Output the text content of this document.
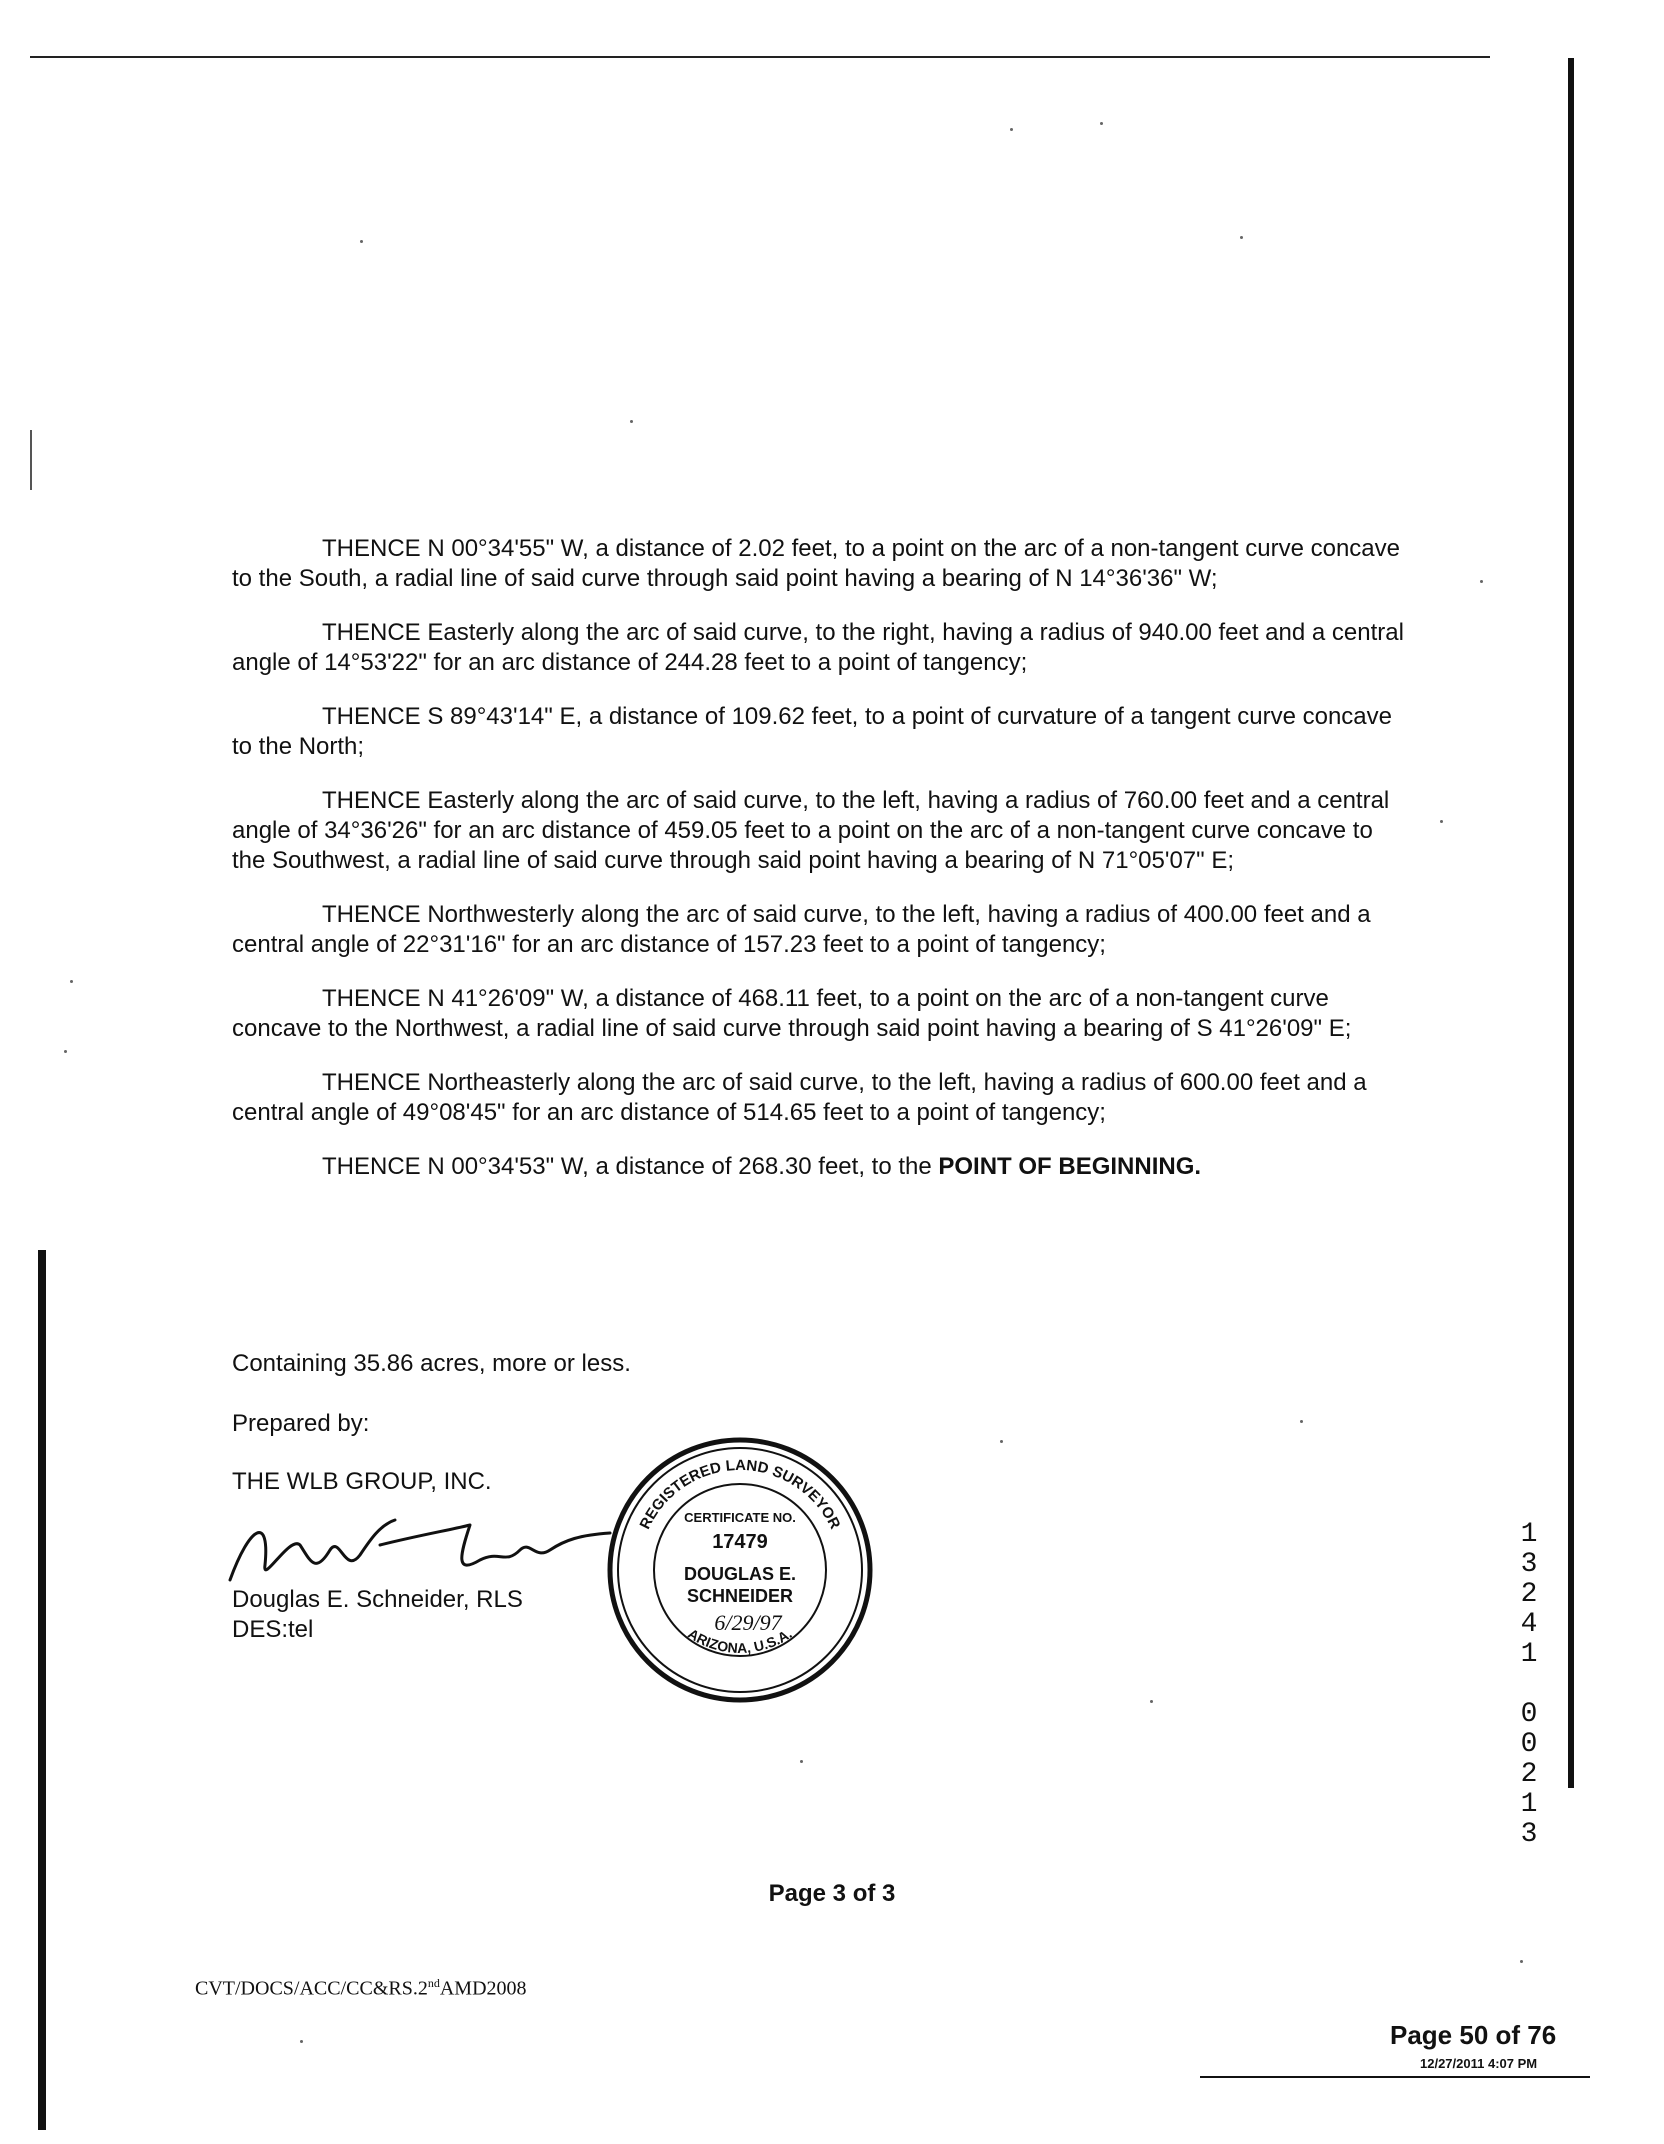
THENCE N 00°34'55" W, a distance of 2.02 feet, to a point on the arc of a non-tangent curve concave to the South, a radial line of said curve through said point having a bearing of N 14°36'36" W;

THENCE Easterly along the arc of said curve, to the right, having a radius of 940.00 feet and a central angle of 14°53'22" for an arc distance of 244.28 feet to a point of tangency;

THENCE S 89°43'14" E, a distance of 109.62 feet, to a point of curvature of a tangent curve concave to the North;

THENCE Easterly along the arc of said curve, to the left, having a radius of 760.00 feet and a central angle of 34°36'26" for an arc distance of 459.05 feet to a point on the arc of a non-tangent curve concave to the Southwest, a radial line of said curve through said point having a bearing of N 71°05'07" E;

THENCE Northwesterly along the arc of said curve, to the left, having a radius of 400.00 feet and a central angle of 22°31'16" for an arc distance of 157.23 feet to a point of tangency;

THENCE N 41°26'09" W, a distance of 468.11 feet, to a point on the arc of a non-tangent curve concave to the Northwest, a radial line of said curve through said point having a bearing of S 41°26'09" E;

THENCE Northeasterly along the arc of said curve, to the left, having a radius of 600.00 feet and a central angle of 49°08'45" for an arc distance of 514.65 feet to a point of tangency;

THENCE N 00°34'53" W, a distance of 268.30 feet, to the POINT OF BEGINNING.

Containing 35.86 acres, more or less.
Prepared by:
THE WLB GROUP, INC.
Douglas E. Schneider, RLS
DES:tel
REGISTERED LAND SURVEYOR
ARIZONA, U.S.A.
CERTIFICATE NO.
17479
DOUGLAS E.
SCHNEIDER
6/29/97
1
3
2
4
1

0
0
2
1
3
Page 3 of 3
CVT/DOCS/ACC/CC&RS.2ndAMD2008
Page 50 of 76
12/27/2011 4:07 PM
